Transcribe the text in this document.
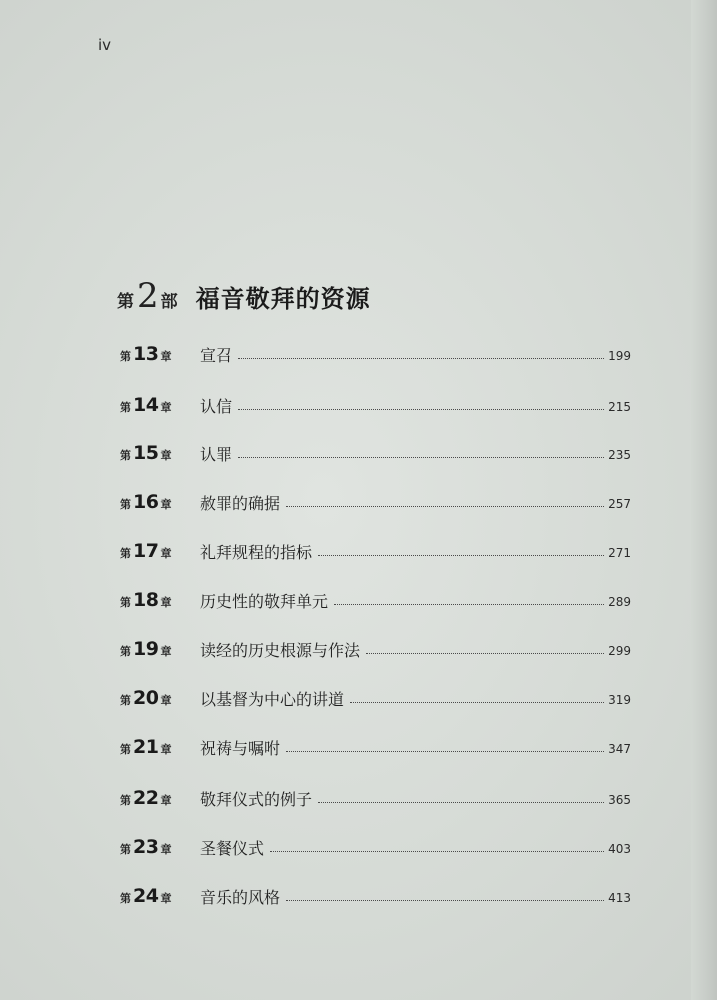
iv
第 2 部 福音敬拜的资源
第 13 章 宣召	199
第 14 章 认信	215
第 15 章 认罪	235
第 16 章 赦罪的确据	257
第 17 章 礼拜规程的指标	271
第 18 章 历史性的敬拜单元	289
第 19 章 读经的历史根源与作法	299
第 20 章 以基督为中心的讲道	319
第 21 章 祝祷与嘱咐	347
第 22 章 敬拜仪式的例子	365
第 23 章 圣餐仪式	403
第 24 章 音乐的风格	413
